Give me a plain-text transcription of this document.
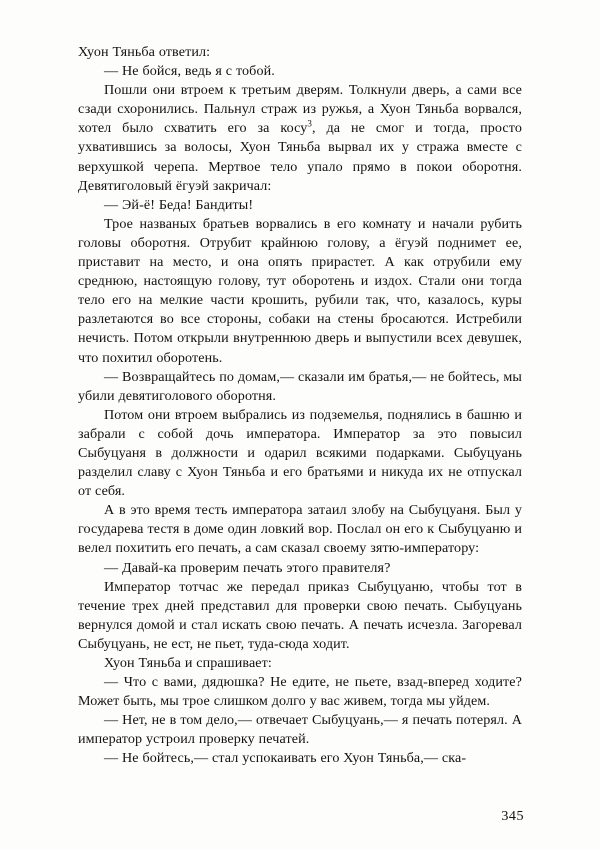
Хуон Тяньба ответил:

— Не бойся, ведь я с тобой.

Пошли они втроем к третьим дверям. Толкнули дверь, а сами все сзади схоронились. Пальнул страж из ружья, а Хуон Тяньба ворвался, хотел было схватить его за косу$^3$, да не смог и тогда, просто ухватившись за волосы, Хуон Тяньба вырвал их у стража вместе с верхушкой черепа. Мертвое тело упало прямо в покои оборотня. Девятиголовый ёгуэй закричал:

— Эй-ё! Беда! Бандиты!

Трое названых братьев ворвались в его комнату и начали рубить головы оборотня. Отрубит крайнюю голову, а ёгуэй поднимет ее, приставит на место, и она опять прирастет. А как отрубили ему среднюю, настоящую голову, тут оборотень и издох. Стали они тогда тело его на мелкие части крошить, рубили так, что, казалось, куры разлетаются во все стороны, собаки на стены бросаются. Истребили нечисть. Потом открыли внутреннюю дверь и выпустили всех девушек, что похитил оборотень.

— Возвращайтесь по домам,— сказали им братья,— не бойтесь, мы убили девятиголового оборотня.

Потом они втроем выбрались из подземелья, поднялись в башню и забрали с собой дочь императора. Император за это повысил Сыбуцуаня в должности и одарил всякими подарками. Сыбуцуань разделил славу с Хуон Тяньба и его братьями и никуда их не отпускал от себя.

А в это время тесть императора затаил злобу на Сыбуцуаня. Был у государева тестя в доме один ловкий вор. Послал он его к Сыбуцуаню и велел похитить его печать, а сам сказал своему зятю-императору:

— Давай-ка проверим печать этого правителя?

Император тотчас же передал приказ Сыбуцуаню, чтобы тот в течение трех дней представил для проверки свою печать. Сыбуцуань вернулся домой и стал искать свою печать. А печать исчезла. Загоревал Сыбуцуань, не ест, не пьет, туда-сюда ходит.

Хуон Тяньба и спрашивает:

— Что с вами, дядюшка? Не едите, не пьете, взад-вперед ходите? Может быть, мы трое слишком долго у вас живем, тогда мы уйдем.

— Нет, не в том дело,— отвечает Сыбуцуань,— я печать потерял. А император устроил проверку печатей.

— Не бойтесь,— стал успокаивать его Хуон Тяньба,— ска-

345
